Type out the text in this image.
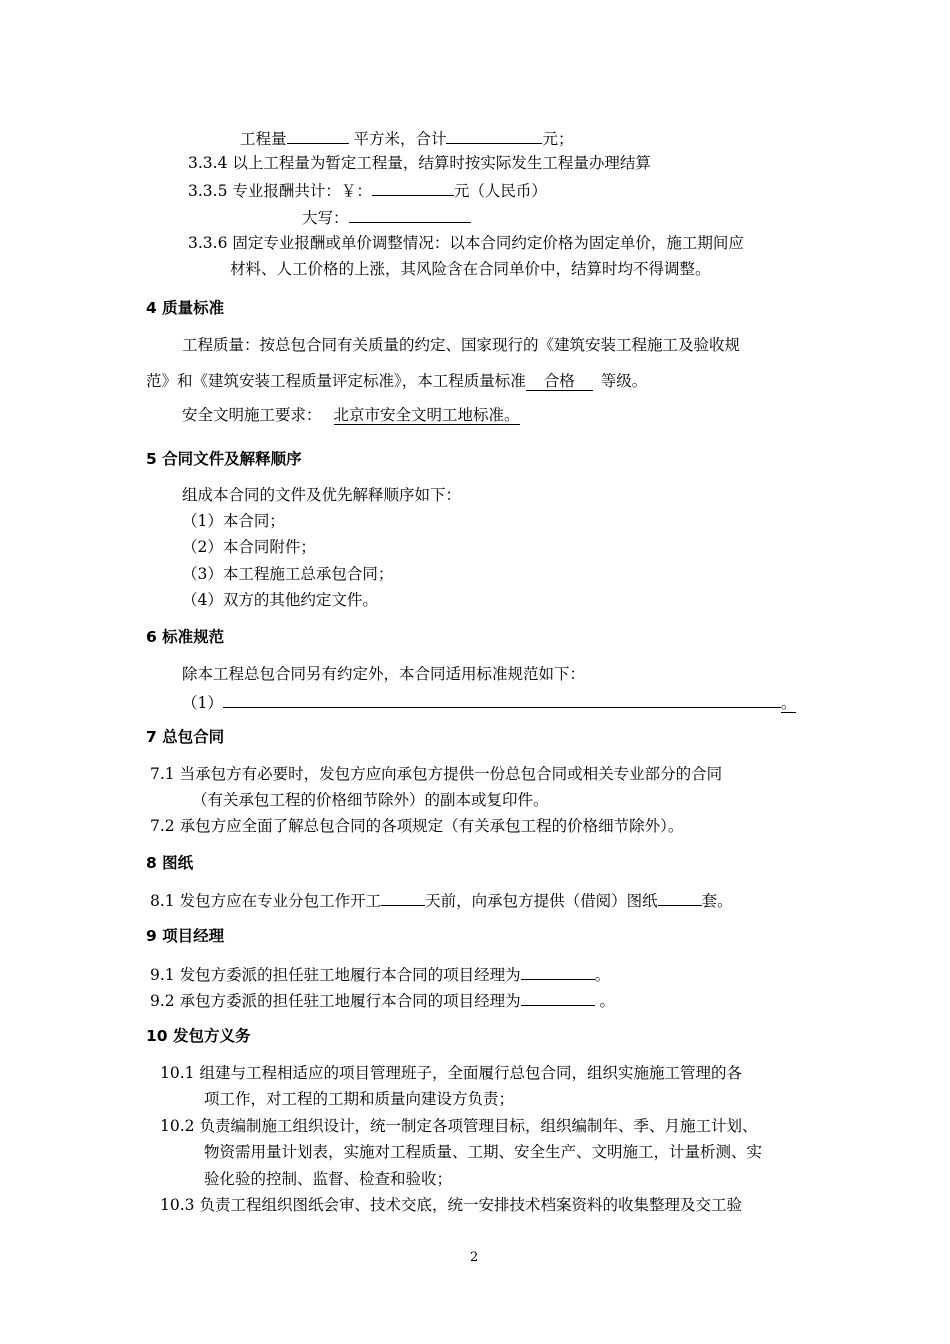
工程量	平方米，合计	元；
3.3.4 以上工程量为暂定工程量，结算时按实际发生工程量办理结算
3.3.5 专业报酬共计：￥：	元（人民币）
大写：
3.3.6 固定专业报酬或单价调整情况：以本合同约定价格为固定单价，施工期间应
材料、人工价格的上涨，其风险含在合同单价中，结算时均不得调整。
4 质量标准
工程质量：按总包合同有关质量的约定、国家现行的《建筑安装工程施工及验收规
范》和《建筑安装工程质量评定标准》，本工程质量标准 合格 等级。
安全文明施工要求： 北京市安全文明工地标准。
5 合同文件及解释顺序
组成本合同的文件及优先解释顺序如下：
（1）本合同；
（2）本合同附件；
（3）本工程施工总承包合同；
（4）双方的其他约定文件。
6 标准规范
除本工程总包合同另有约定外，本合同适用标准规范如下：
（1）	。
7 总包合同
7.1 当承包方有必要时，发包方应向承包方提供一份总包合同或相关专业部分的合同
（有关承包工程的价格细节除外）的副本或复印件。
7.2 承包方应全面了解总包合同的各项规定（有关承包工程的价格细节除外）。
8 图纸
8.1 发包方应在专业分包工作开工	天前，向承包方提供（借阅）图纸	套。
9 项目经理
9.1 发包方委派的担任驻工地履行本合同的项目经理为	。
9.2 承包方委派的担任驻工地履行本合同的项目经理为	。
10 发包方义务
10.1 组建与工程相适应的项目管理班子，全面履行总包合同，组织实施施工管理的各
项工作，对工程的工期和质量向建设方负责；
10.2 负责编制施工组织设计，统一制定各项管理目标，组织编制年、季、月施工计划、
物资需用量计划表，实施对工程质量、工期、安全生产、文明施工，计量析测、实
验化验的控制、监督、检查和验收；
10.3 负责工程组织图纸会审、技术交底，统一安排技术档案资料的收集整理及交工验
2
